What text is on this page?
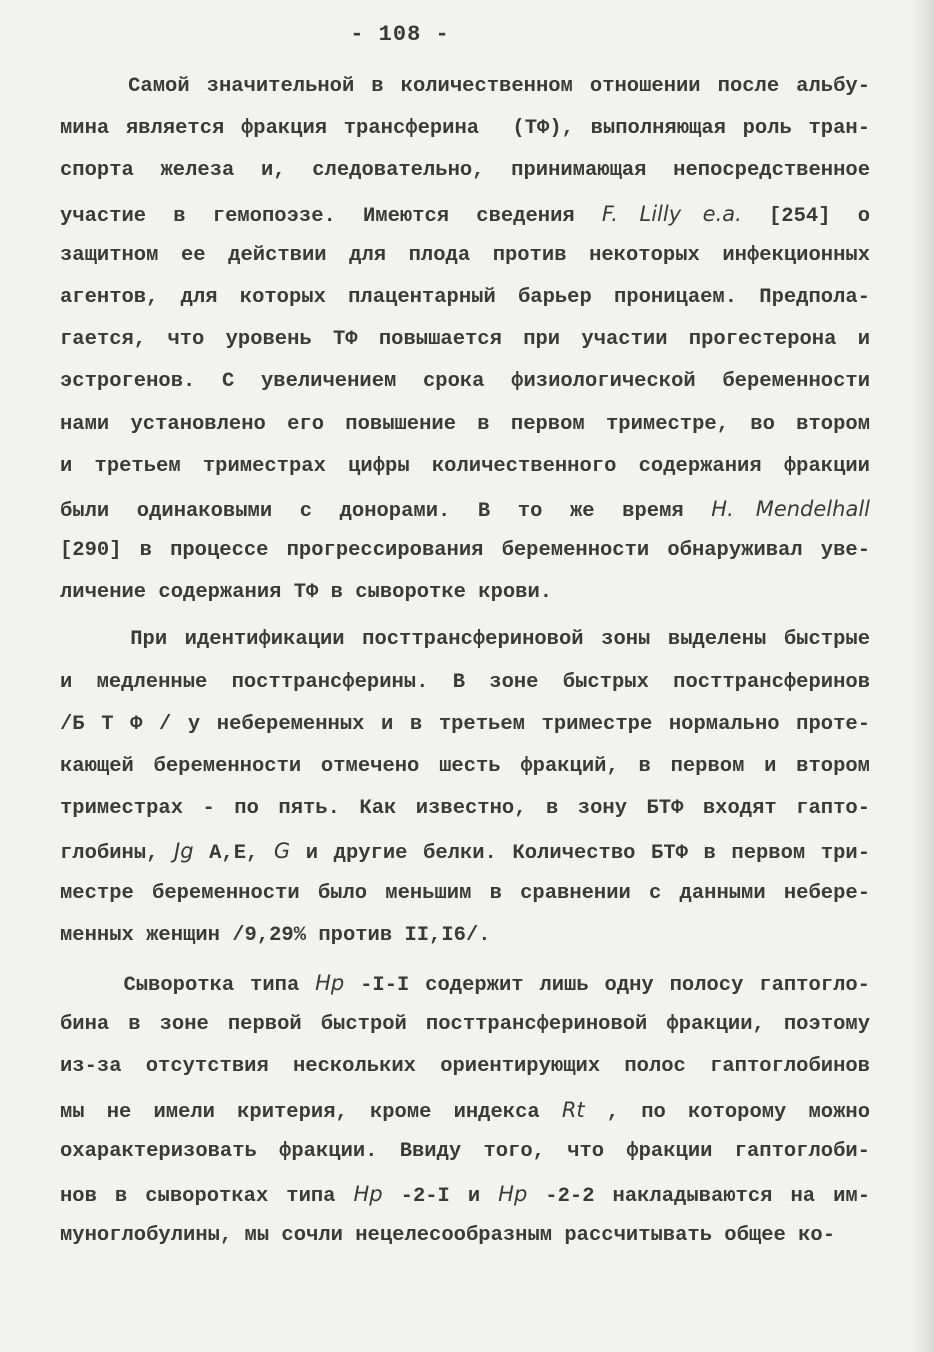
- 108 -
Самой значительной в количественном отношении после альбу-
мина является фракция трансферина  (ТФ), выполняющая роль тран-
спорта железа и, следовательно, принимающая непосредственное
участие в гемопоэзе. Имеются сведения F. Lilly e.a. [254] о
защитном ее действии для плода против некоторых инфекционных
агентов, для которых плацентарный барьер проницаем. Предпола-
гается, что уровень ТФ повышается при участии прогестерона и
эстрогенов. С увеличением срока физиологической беременности
нами установлено его повышение в первом триместре, во втором
и третьем триместрах цифры количественного содержания фракции
были одинаковыми с донорами. В то же время H. Mendelhall
[290] в процессе прогрессирования беременности обнаруживал уве-
личение содержания ТФ в сыворотке крови.
При идентификации посттрансфериновой зоны выделены быстрые
и медленные посттрансферины. В зоне быстрых посттрансферинов
/Б Т Ф / у небеременных и в третьем триместре нормально проте-
кающей беременности отмечено шесть фракций, в первом и втором
триместрах - по пять. Как известно, в зону БТФ входят гапто-
глобины, Jg A,E, G и другие белки. Количество БТФ в первом три-
местре беременности было меньшим в сравнении с данными небере-
менных женщин /9,29% против II,I6/.
Сыворотка типа Hp -I-I содержит лишь одну полосу гаптогло-
бина в зоне первой быстрой посттрансфериновой фракции, поэтому
из-за отсутствия нескольких ориентирующих полос гаптоглобинов
мы не имели критерия, кроме индекса Rt , по которому можно
охарактеризовать фракции. Ввиду того, что фракции гаптоглоби-
нов в сыворотках типа Hp -2-I и Hp -2-2 накладываются на им-
муноглобулины, мы сочли нецелесообразным рассчитывать общее ко-
